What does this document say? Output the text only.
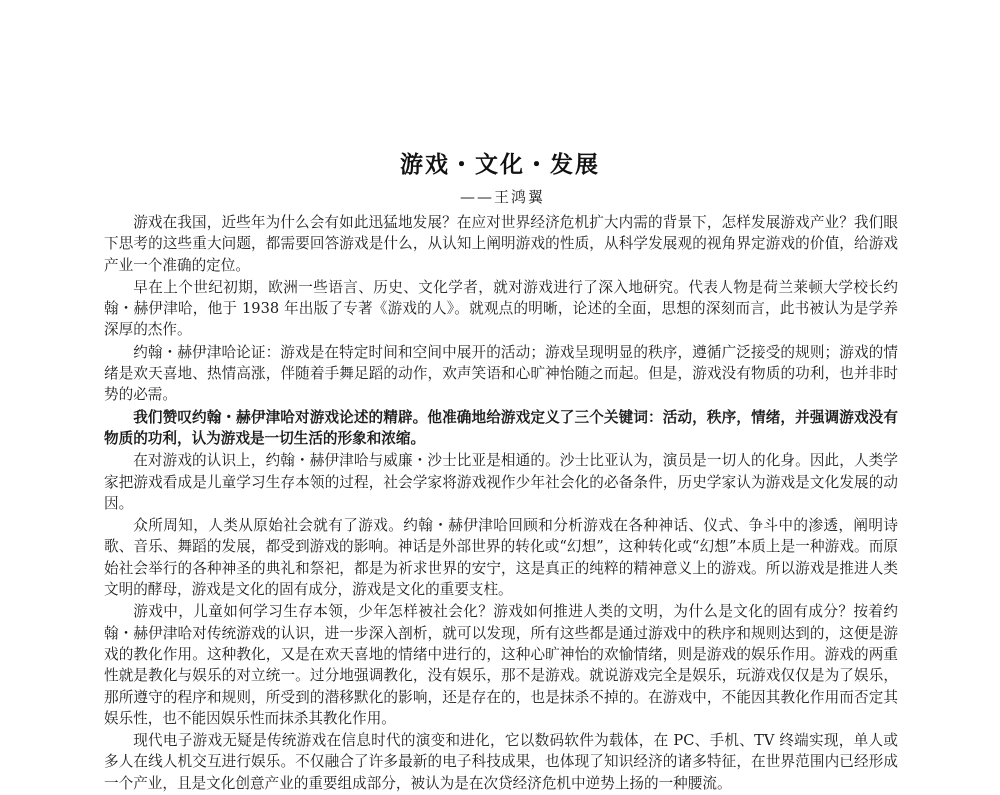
游戏・文化・发展
——王鸿翼

游戏在我国，近些年为什么会有如此迅猛地发展？在应对世界经济危机扩大内需的背景下，怎样发展游戏产业？我们眼下思考的这些重大问题，都需要回答游戏是什么，从认知上阐明游戏的性质，从科学发展观的视角界定游戏的价值，给游戏产业一个准确的定位。

早在上个世纪初期，欧洲一些语言、历史、文化学者，就对游戏进行了深入地研究。代表人物是荷兰莱顿大学校长约翰・赫伊津哈，他于 1938 年出版了专著《游戏的人》。就观点的明晰，论述的全面，思想的深刻而言，此书被认为是学养深厚的杰作。

约翰・赫伊津哈论证：游戏是在特定时间和空间中展开的活动；游戏呈现明显的秩序，遵循广泛接受的规则；游戏的情绪是欢天喜地、热情高涨，伴随着手舞足蹈的动作，欢声笑语和心旷神怡随之而起。但是，游戏没有物质的功利，也并非时势的必需。

我们赞叹约翰・赫伊津哈对游戏论述的精辟。他准确地给游戏定义了三个关键词：活动，秩序，情绪，并强调游戏没有物质的功利，认为游戏是一切生活的形象和浓缩。

在对游戏的认识上，约翰・赫伊津哈与威廉・沙士比亚是相通的。沙士比亚认为，演员是一切人的化身。因此，人类学家把游戏看成是儿童学习生存本领的过程，社会学家将游戏视作少年社会化的必备条件，历史学家认为游戏是文化发展的动因。

众所周知，人类从原始社会就有了游戏。约翰・赫伊津哈回顾和分析游戏在各种神话、仪式、争斗中的渗透，阐明诗歌、音乐、舞蹈的发展，都受到游戏的影响。神话是外部世界的转化或“幻想”，这种转化或“幻想”本质上是一种游戏。而原始社会举行的各种神圣的典礼和祭祀，都是为祈求世界的安宁，这是真正的纯粹的精神意义上的游戏。所以游戏是推进人类文明的酵母，游戏是文化的固有成分，游戏是文化的重要支柱。

游戏中，儿童如何学习生存本领，少年怎样被社会化？游戏如何推进人类的文明，为什么是文化的固有成分？按着约翰・赫伊津哈对传统游戏的认识，进一步深入剖析，就可以发现，所有这些都是通过游戏中的秩序和规则达到的，这便是游戏的教化作用。这种教化，又是在欢天喜地的情绪中进行的，这种心旷神怡的欢愉情绪，则是游戏的娱乐作用。游戏的两重性就是教化与娱乐的对立统一。过分地强调教化，没有娱乐，那不是游戏。就说游戏完全是娱乐，玩游戏仅仅是为了娱乐，那所遵守的程序和规则，所受到的潜移默化的影响，还是存在的，也是抹杀不掉的。在游戏中，不能因其教化作用而否定其娱乐性，也不能因娱乐性而抹杀其教化作用。

现代电子游戏无疑是传统游戏在信息时代的演变和进化，它以数码软件为载体，在 PC、手机、TV 终端实现，单人或多人在线人机交互进行娱乐。不仅融合了许多最新的电子科技成果，也体现了知识经济的诸多特征，在世界范围内已经形成一个产业，且是文化创意产业的重要组成部分，被认为是在次贷经济危机中逆势上扬的一种腰流。
